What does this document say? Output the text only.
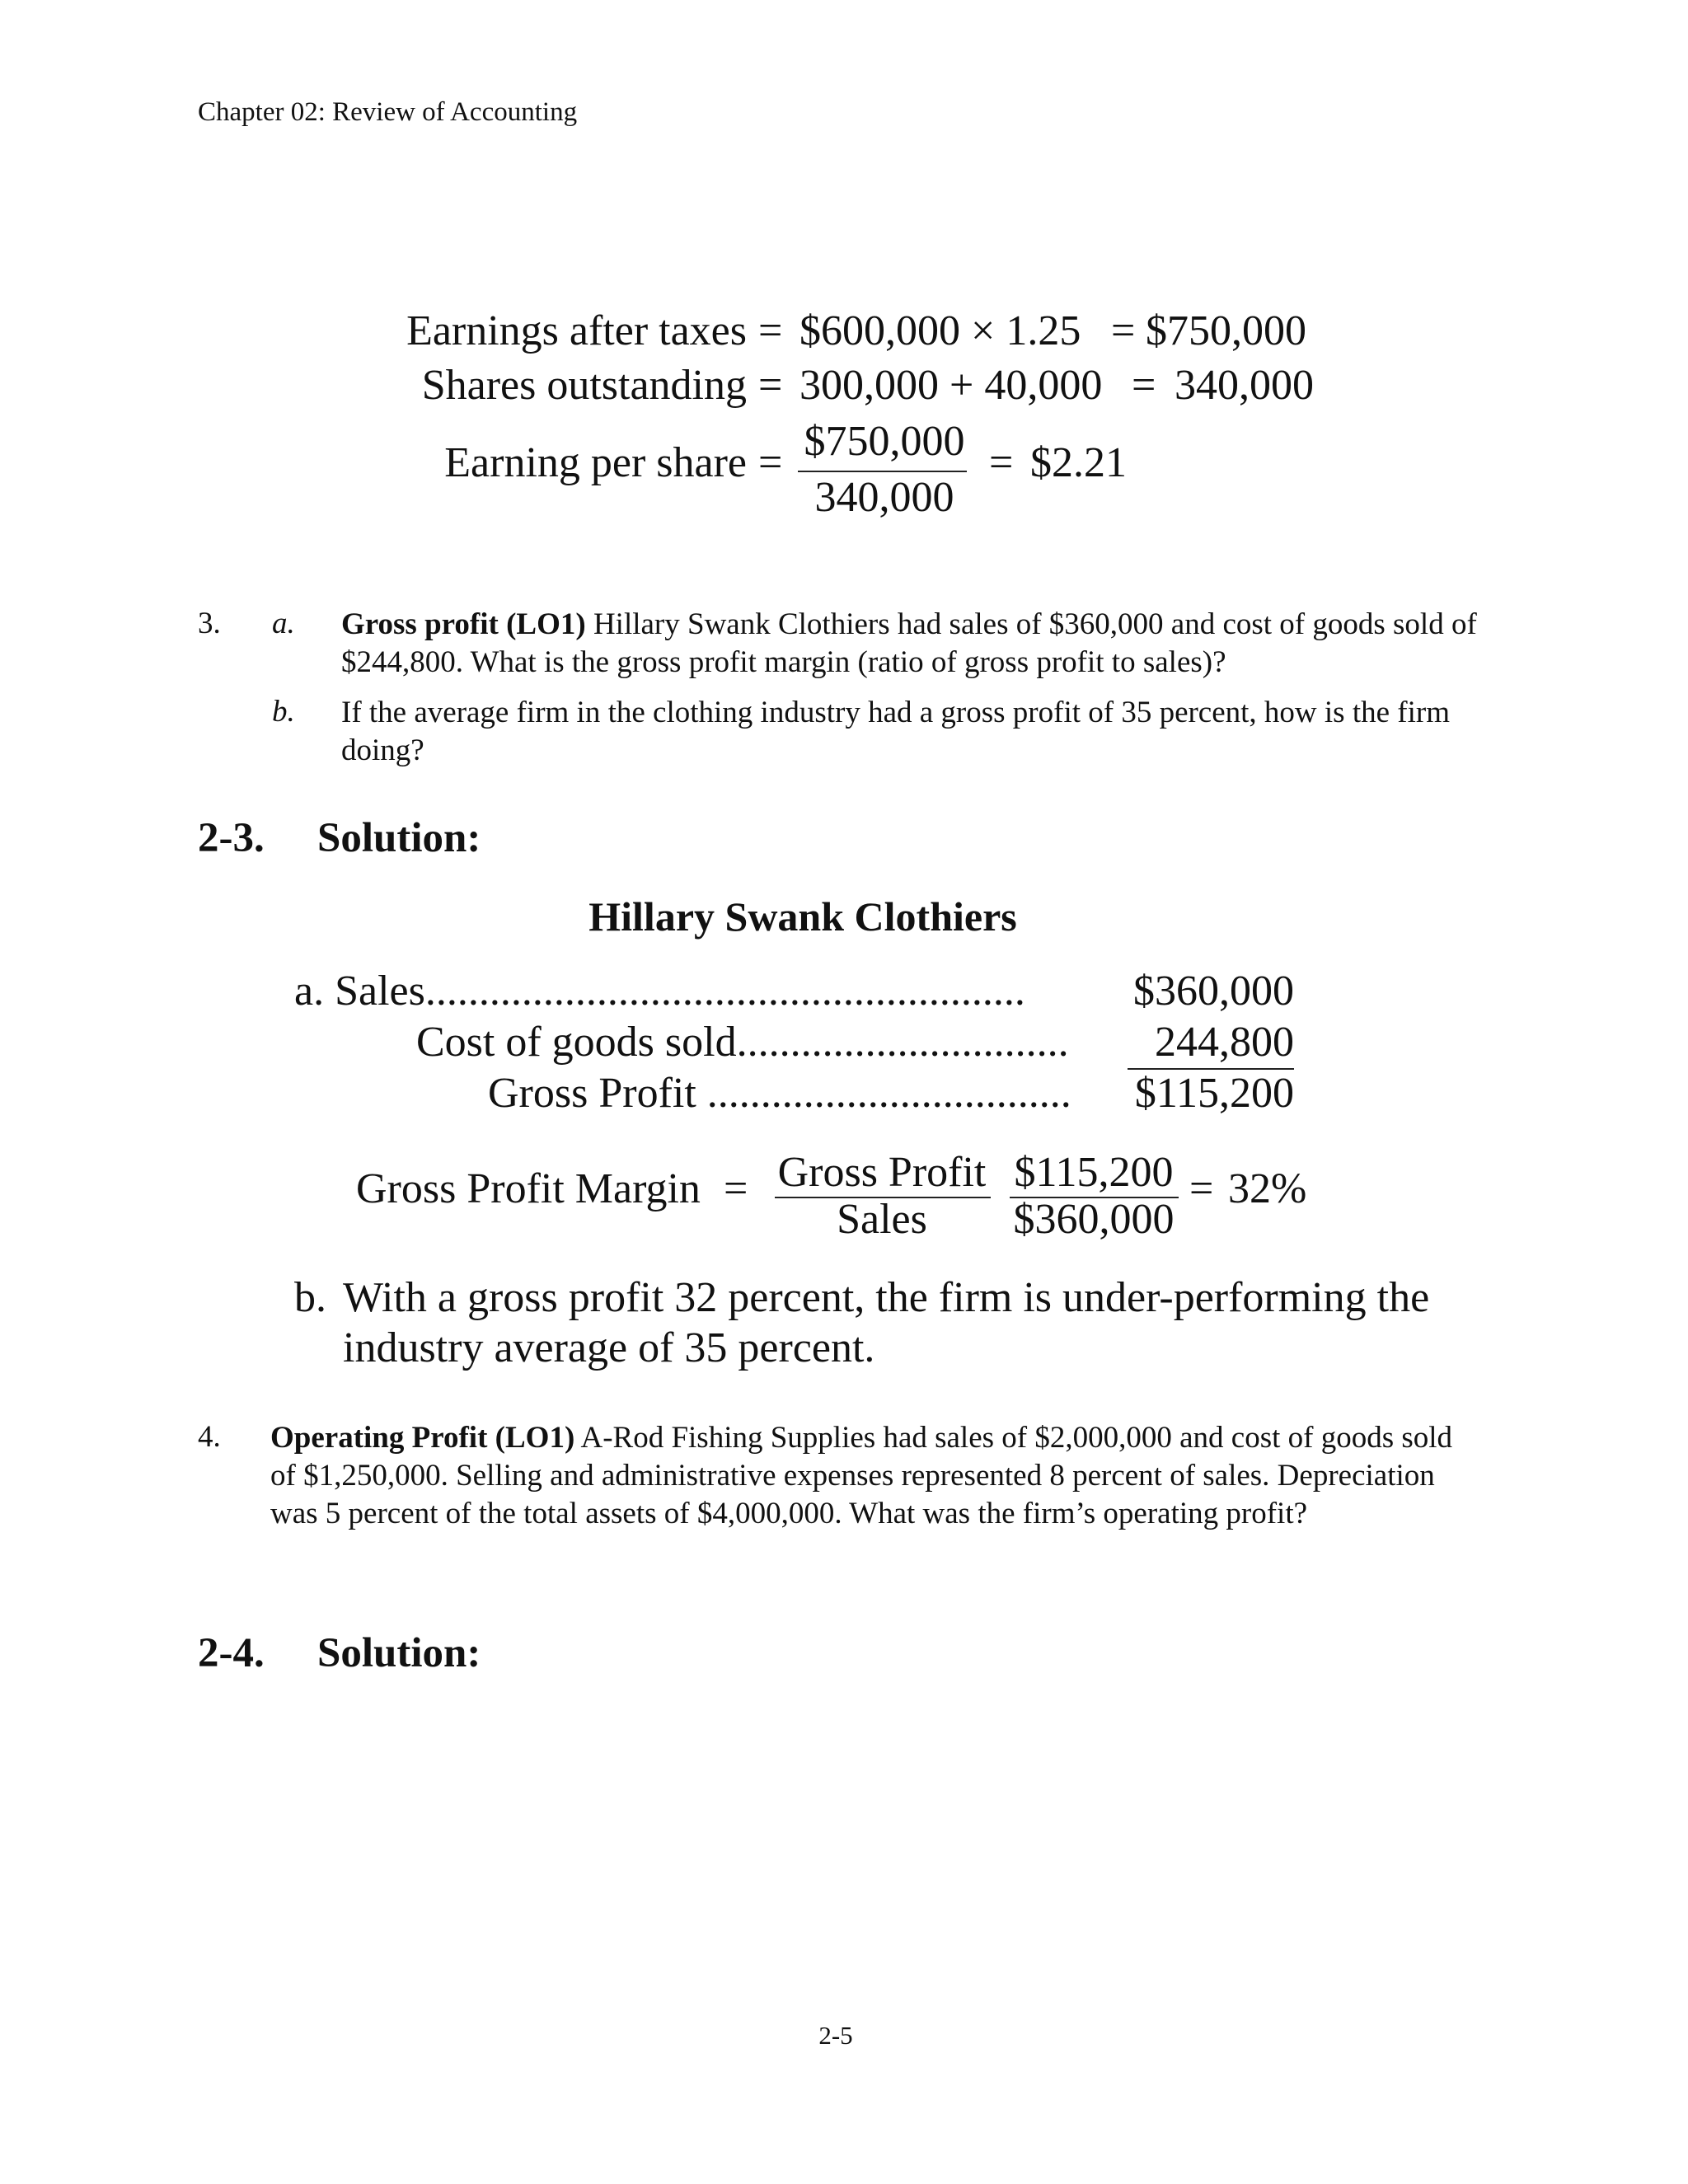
Chapter 02: Review of Accounting
Earnings after taxes = $600,000 × 1.25 = $750,000
Shares outstanding = 300,000 + 40,000 = 340,000
Earning per share = $750,000
340,000
= $2.21
3. a. Gross profit (LO1) Hillary Swank Clothiers had sales of $360,000 and cost of goods sold of $244,800. What is the gross profit margin (ratio of gross profit to sales)?
b. If the average firm in the clothing industry had a gross profit of 35 percent, how is the firm doing?
2-3. Solution:
Hillary Swank Clothiers
a. Sales........................................................	$360,000
Cost of goods sold............................... 244,800
Gross Profit .................................. $115,200
Gross Profit Margin = Gross Profit
Sales
$115,200
$360,000
= 32%
b. With a gross profit 32 percent, the firm is under-performing the
industry average of 35 percent.
4. Operating Profit (LO1) A-Rod Fishing Supplies had sales of $2,000,000 and cost of goods sold of $1,250,000. Selling and administrative expenses represented 8 percent of sales. Depreciation was 5 percent of the total assets of $4,000,000. What was the firm’s operating profit?
2-4. Solution:
2-5
